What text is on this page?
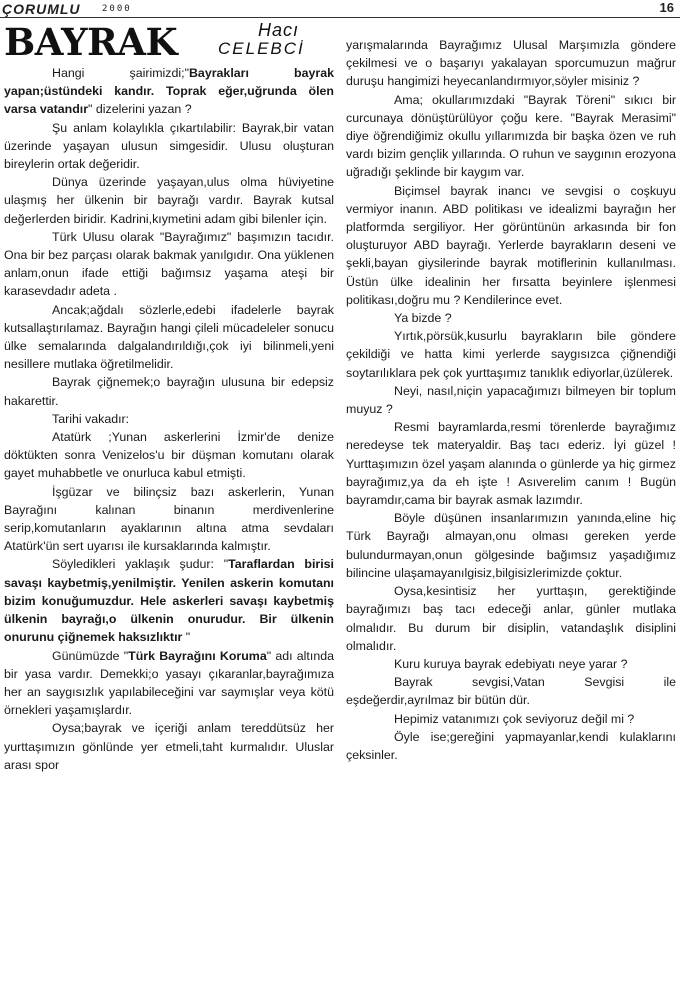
ÇORUMLU 2000	16
BAYRAK	Hacı
CELEBCİ

Hangi şairimizdi;"Bayrakları bayrak yapan;üstündeki kandır. Toprak eğer,uğrunda ölen varsa vatandır" dizelerini yazan ?

Şu anlam kolaylıkla çıkartılabilir: Bayrak,bir vatan üzerinde yaşayan ulusun simgesidir. Ulusu oluşturan bireylerin ortak değeridir.

Dünya üzerinde yaşayan,ulus olma hüviyetine ulaşmış her ülkenin bir bayrağı vardır. Bayrak kutsal değerlerden biridir. Kadrini,kıymetini adam gibi bilenler için.

Türk Ulusu olarak "Bayrağımız" başımızın tacıdır. Ona bir bez parçası olarak bakmak yanılgıdır. Ona yüklenen anlam,onun ifade ettiği bağımsız yaşama ateşi bir karasevdadır adeta .

Ancak;ağdalı sözlerle,edebi ifadelerle bayrak kutsallaştırılamaz. Bayrağın hangi çileli mücadeleler sonucu ülke semalarında dalgalandırıldığı,çok iyi bilinmeli,yeni nesillere mutlaka öğretilmelidir.

Bayrak çiğnemek;o bayrağın ulusuna bir edepsiz hakarettir.

Tarihi vakadır:

Atatürk ;Yunan askerlerini İzmir'de denize döktükten sonra Venizelos'u bir düşman komutanı olarak gayet muhabbetle ve onurluca kabul etmişti.

İşgüzar ve bilinçsiz bazı askerlerin, Yunan Bayrağını kalınan binanın merdivenlerine serip,komutanların ayaklarının altına atma sevdaları Atatürk'ün sert uyarısı ile kursaklarında kalmıştır.

Söyledikleri yaklaşık şudur: "Taraflardan birisi savaşı kaybetmiş,yenilmiştir. Yenilen askerin komutanı bizim konuğumuzdur. Hele askerleri savaşı kaybetmiş ülkenin bayrağı,o ülkenin onurudur. Bir ülkenin onurunu çiğnemek haksızlıktır "

Günümüzde "Türk Bayrağını Koruma" adı altında bir yasa vardır. Demekki;o yasayı çıkaranlar,bayrağımıza her an saygısızlık yapılabileceğini var saymışlar veya kötü örnekleri yaşamışlardır.

Oysa;bayrak ve içeriği anlam tereddütsüz her yurttaşımızın gönlünde yer etmeli,taht kurmalıdır. Uluslar arası spor

yarışmalarında Bayrağımız Ulusal Marşımızla göndere çekilmesi ve o başarıyı yakalayan sporcumuzun mağrur duruşu hangimizi heyecanlandırmıyor,söyler misiniz ?

Ama; okullarımızdaki "Bayrak Töreni" sıkıcı bir curcunaya dönüştürülüyor çoğu kere. "Bayrak Merasimi" diye öğrendiğimiz okullu yıllarımızda bir başka özen ve ruh vardı bizim gençlik yıllarında. O ruhun ve saygının erozyona uğradığı şeklinde bir kaygım var.

Biçimsel bayrak inancı ve sevgisi o coşkuyu vermiyor inanın. ABD politikası ve idealizmi bayrağın her platformda sergiliyor. Her görüntünün arkasında bir fon oluşturuyor ABD bayrağı. Yerlerde bayrakların deseni ve şekli,bayan giysilerinde bayrak motiflerinin kullanılması. Üstün ülke idealinin her fırsatta beyinlere işlenmesi politikası,doğru mu ? Kendilerince evet.

Ya bizde ?

Yırtık,pörsük,kusurlu bayrakların bile göndere çekildiği ve hatta kimi yerlerde saygısızca çiğnendiği soytarılıklara pek çok yurttaşımız tanıklık ediyorlar,üzülerek.

Neyi, nasıl,niçin yapacağımızı bilmeyen bir toplum muyuz ?

Resmi bayramlarda,resmi törenlerde bayrağımız neredeyse tek materyaldir. Baş tacı ederiz. İyi güzel ! Yurttaşımızın özel yaşam alanında o günlerde ya hiç girmez bayrağımız,ya da eh işte ! Asıverelim canım ! Bugün bayramdır,cama bir bayrak asmak lazımdır.

Böyle düşünen insanlarımızın yanında,eline hiç Türk Bayrağı almayan,onu olması gereken yerde bulundurmayan,onun gölgesinde bağımsız yaşadığımız bilincine ulaşamayanılgisiz,bilgisizlerimizde çoktur.

Oysa,kesintisiz her yurttaşın, gerektiğinde bayrağımızı baş tacı edeceği anlar, günler mutlaka olmalıdır. Bu durum bir disiplin, vatandaşlık disiplini olmalıdır.

Kuru kuruya bayrak edebiyatı neye yarar ?

Bayrak sevgisi,Vatan Sevgisi ile eşdeğerdir,ayrılmaz bir bütün dür.

Hepimiz vatanımızı çok seviyoruz değil mi ?

Öyle ise;gereğini yapmayanlar,kendi kulaklarını çeksinler.
